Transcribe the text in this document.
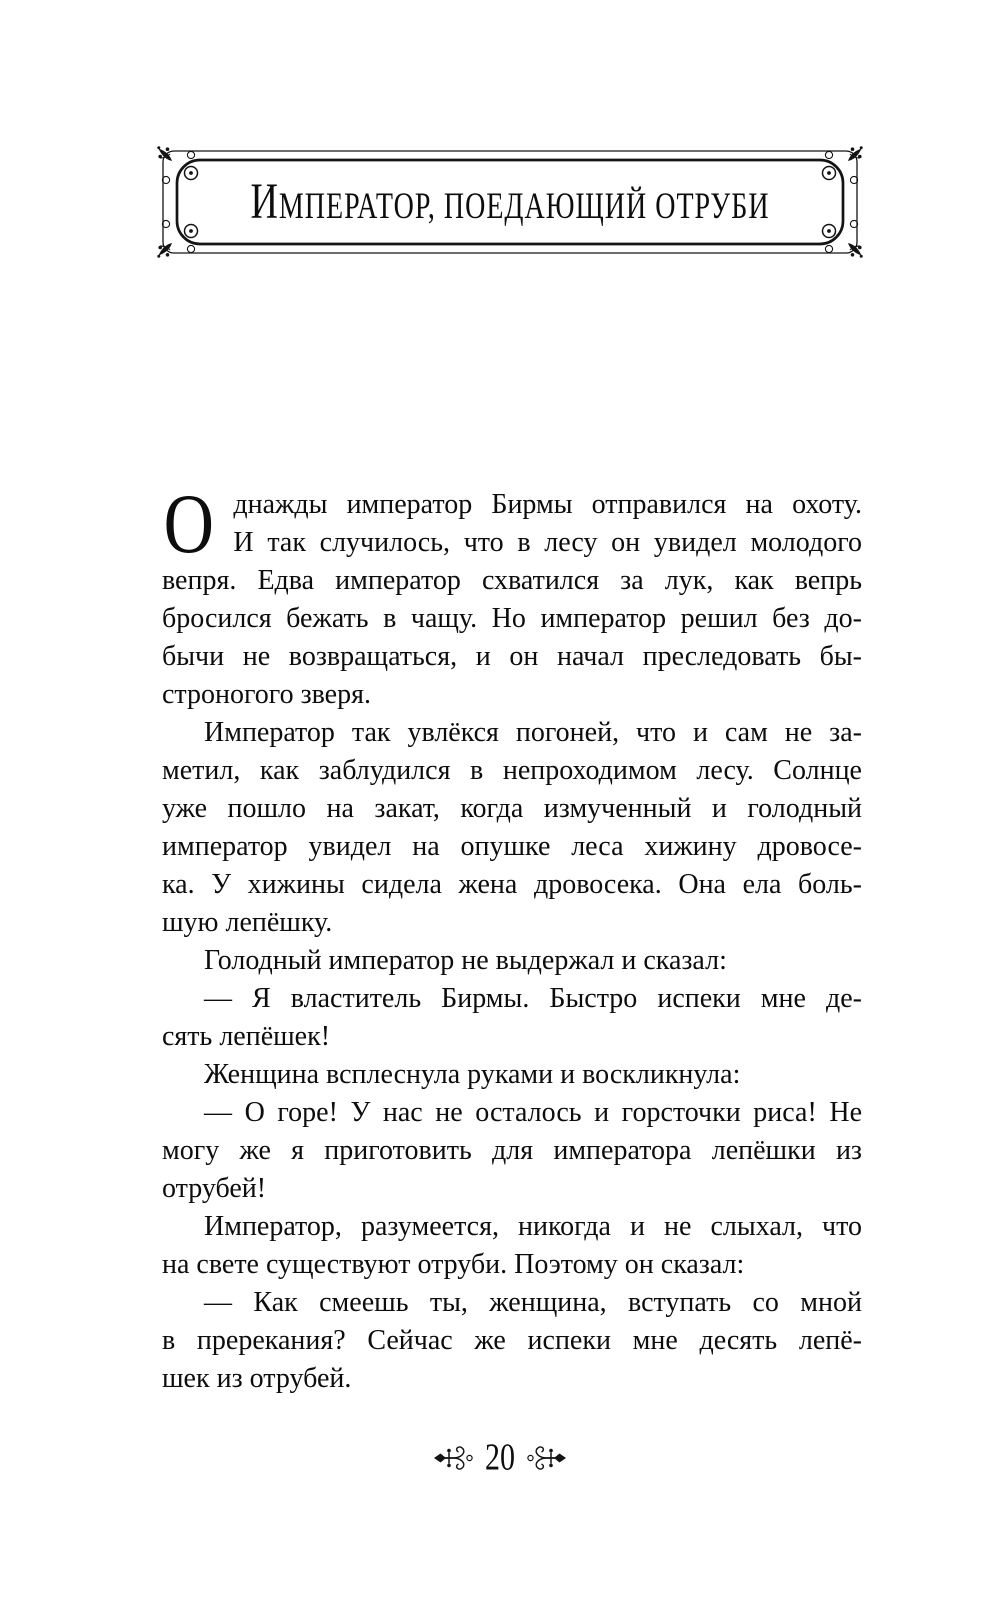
ИМПЕРАТОР, ПОЕДАЮЩИЙ ОТРУБИ
О днажды император Бирмы отправился на охоту.
И так случилось, что в лесу он увидел молодого
вепря. Едва император схватился за лук, как вепрь
бросился бежать в чащу. Но император решил без до-
бычи не возвращаться, и он начал преследовать бы-
строногого зверя.
Император так увлёкся погоней, что и сам не за-
метил, как заблудился в непроходимом лесу. Солнце
уже пошло на закат, когда измученный и голодный
император увидел на опушке леса хижину дровосе-
ка. У хижины сидела жена дровосека. Она ела боль-
шую лепёшку.
Голодный император не выдержал и сказал:
— Я властитель Бирмы. Быстро испеки мне де-
сять лепёшек!
Женщина всплеснула руками и воскликнула:
— О горе! У нас не осталось и горсточки риса! Не
могу же я приготовить для императора лепёшки из
отрубей!
Император, разумеется, никогда и не слыхал, что
на свете существуют отруби. Поэтому он сказал:
— Как смеешь ты, женщина, вступать со мной
в пререкания? Сейчас же испеки мне десять лепё-
шек из отрубей.
20
